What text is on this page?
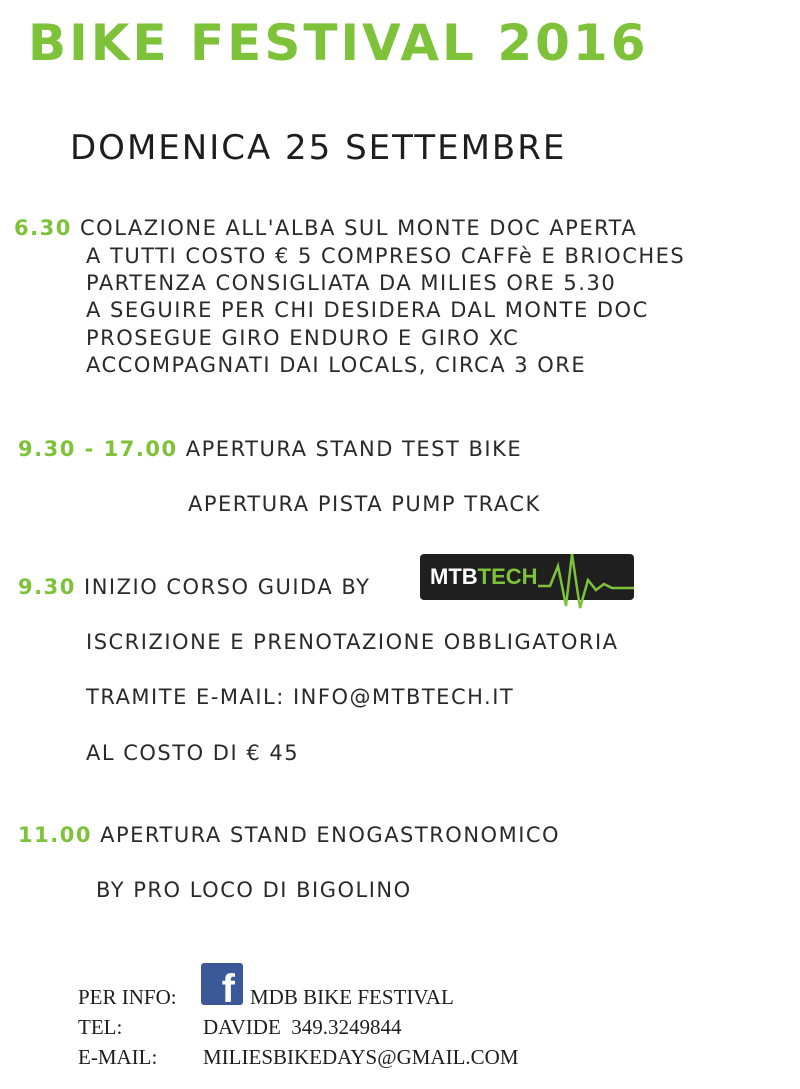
BIKE FESTIVAL 2016
DOMENICA 25 SETTEMBRE
6.30 COLAZIONE ALL'ALBA SUL MONTE DOC APERTA
A TUTTI COSTO € 5 COMPRESO CAFFè E BRIOCHES
PARTENZA CONSIGLIATA DA MILIES ORE 5.30
A SEGUIRE PER CHI DESIDERA DAL MONTE DOC
PROSEGUE GIRO ENDURO E GIRO XC
ACCOMPAGNATI DAI LOCALS, CIRCA 3 ORE
9.30 - 17.00 APERTURA STAND TEST BIKE
APERTURA PISTA PUMP TRACK
9.30 INIZIO CORSO GUIDA BY	MTBTECH
ISCRIZIONE E PRENOTAZIONE OBBLIGATORIA
TRAMITE E-MAIL: INFO@MTBTECH.IT
AL COSTO DI € 45
11.00 APERTURA STAND ENOGASTRONOMICO
BY PRO LOCO DI BIGOLINO
PER INFO: f MDB BIKE FESTIVAL
TEL:	DAVIDE  349.3249844
E-MAIL: MILIESBIKEDAYS@GMAIL.COM
